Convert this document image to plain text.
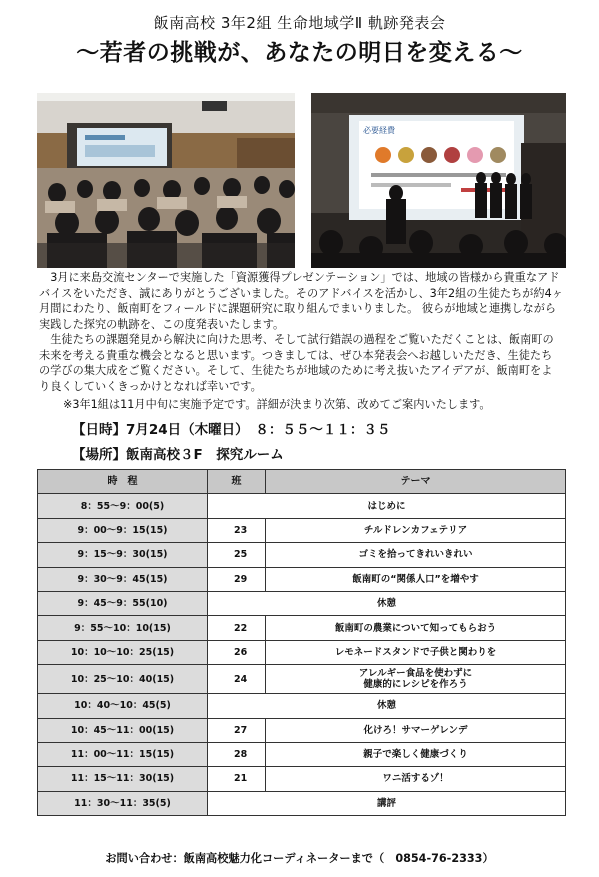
飯南高校 3年2組 生命地域学Ⅱ 軌跡発表会
～若者の挑戦が、あなたの明日を変える～
必要経費

3月に来島交流センターで実施した「資源獲得プレゼンテーション」では、地域の皆様から貴重なアドバイスをいただき、誠にありがとうございました。そのアドバイスを活かし、3年2組の生徒たちが約4ヶ月間にわたり、飯南町をフィールドに課題研究に取り組んでまいりました。 彼らが地域と連携しながら実践した探究の軌跡を、この度発表いたします。

生徒たちの課題発見から解決に向けた思考、そして試行錯誤の過程をご覧いただくことは、飯南町の未来を考える貴重な機会となると思います。つきましては、ぜひ本発表会へお越しいただき、生徒たちの学びの集大成をご覧ください。そして、生徒たちが地域のために考え抜いたアイデアが、飯南町をより良くしていくきっかけとなれば幸いです。

※3年1組は11月中旬に実施予定です。詳細が決まり次第、改めてご案内いたします。
【日時】7月24日（木曜日）　８：５５～１１：３５
【場所】飯南高校３F　探究ルーム
時　程	班	テーマ
8：55～9：00(5)	はじめに	
9：00～9：15(15)	23	チルドレンカフェテリア
9：15～9：30(15)	25	ゴミを拾ってきれいきれい
9：30～9：45(15)	29	飯南町の“関係人口”を増やす
9：45～9：55(10)	休憩	
9：55～10：10(15)	22	飯南町の農業について知ってもらおう
10：10～10：25(15)	26	レモネードスタンドで子供と関わりを
10：25～10：40(15)	24	アレルギー食品を使わずに
健康的にレシピを作ろう
10：40～10：45(5)	休憩	
10：45～11：00(15)	27	化けろ！サマーゲレンデ
11：00～11：15(15)	28	親子で楽しく健康づくり
11：15～11：30(15)	21	ワニ活するゾ！
11：30～11：35(5)	講評	
お問い合わせ：飯南高校魅力化コーディネーターまで（　0854-76-2333）
